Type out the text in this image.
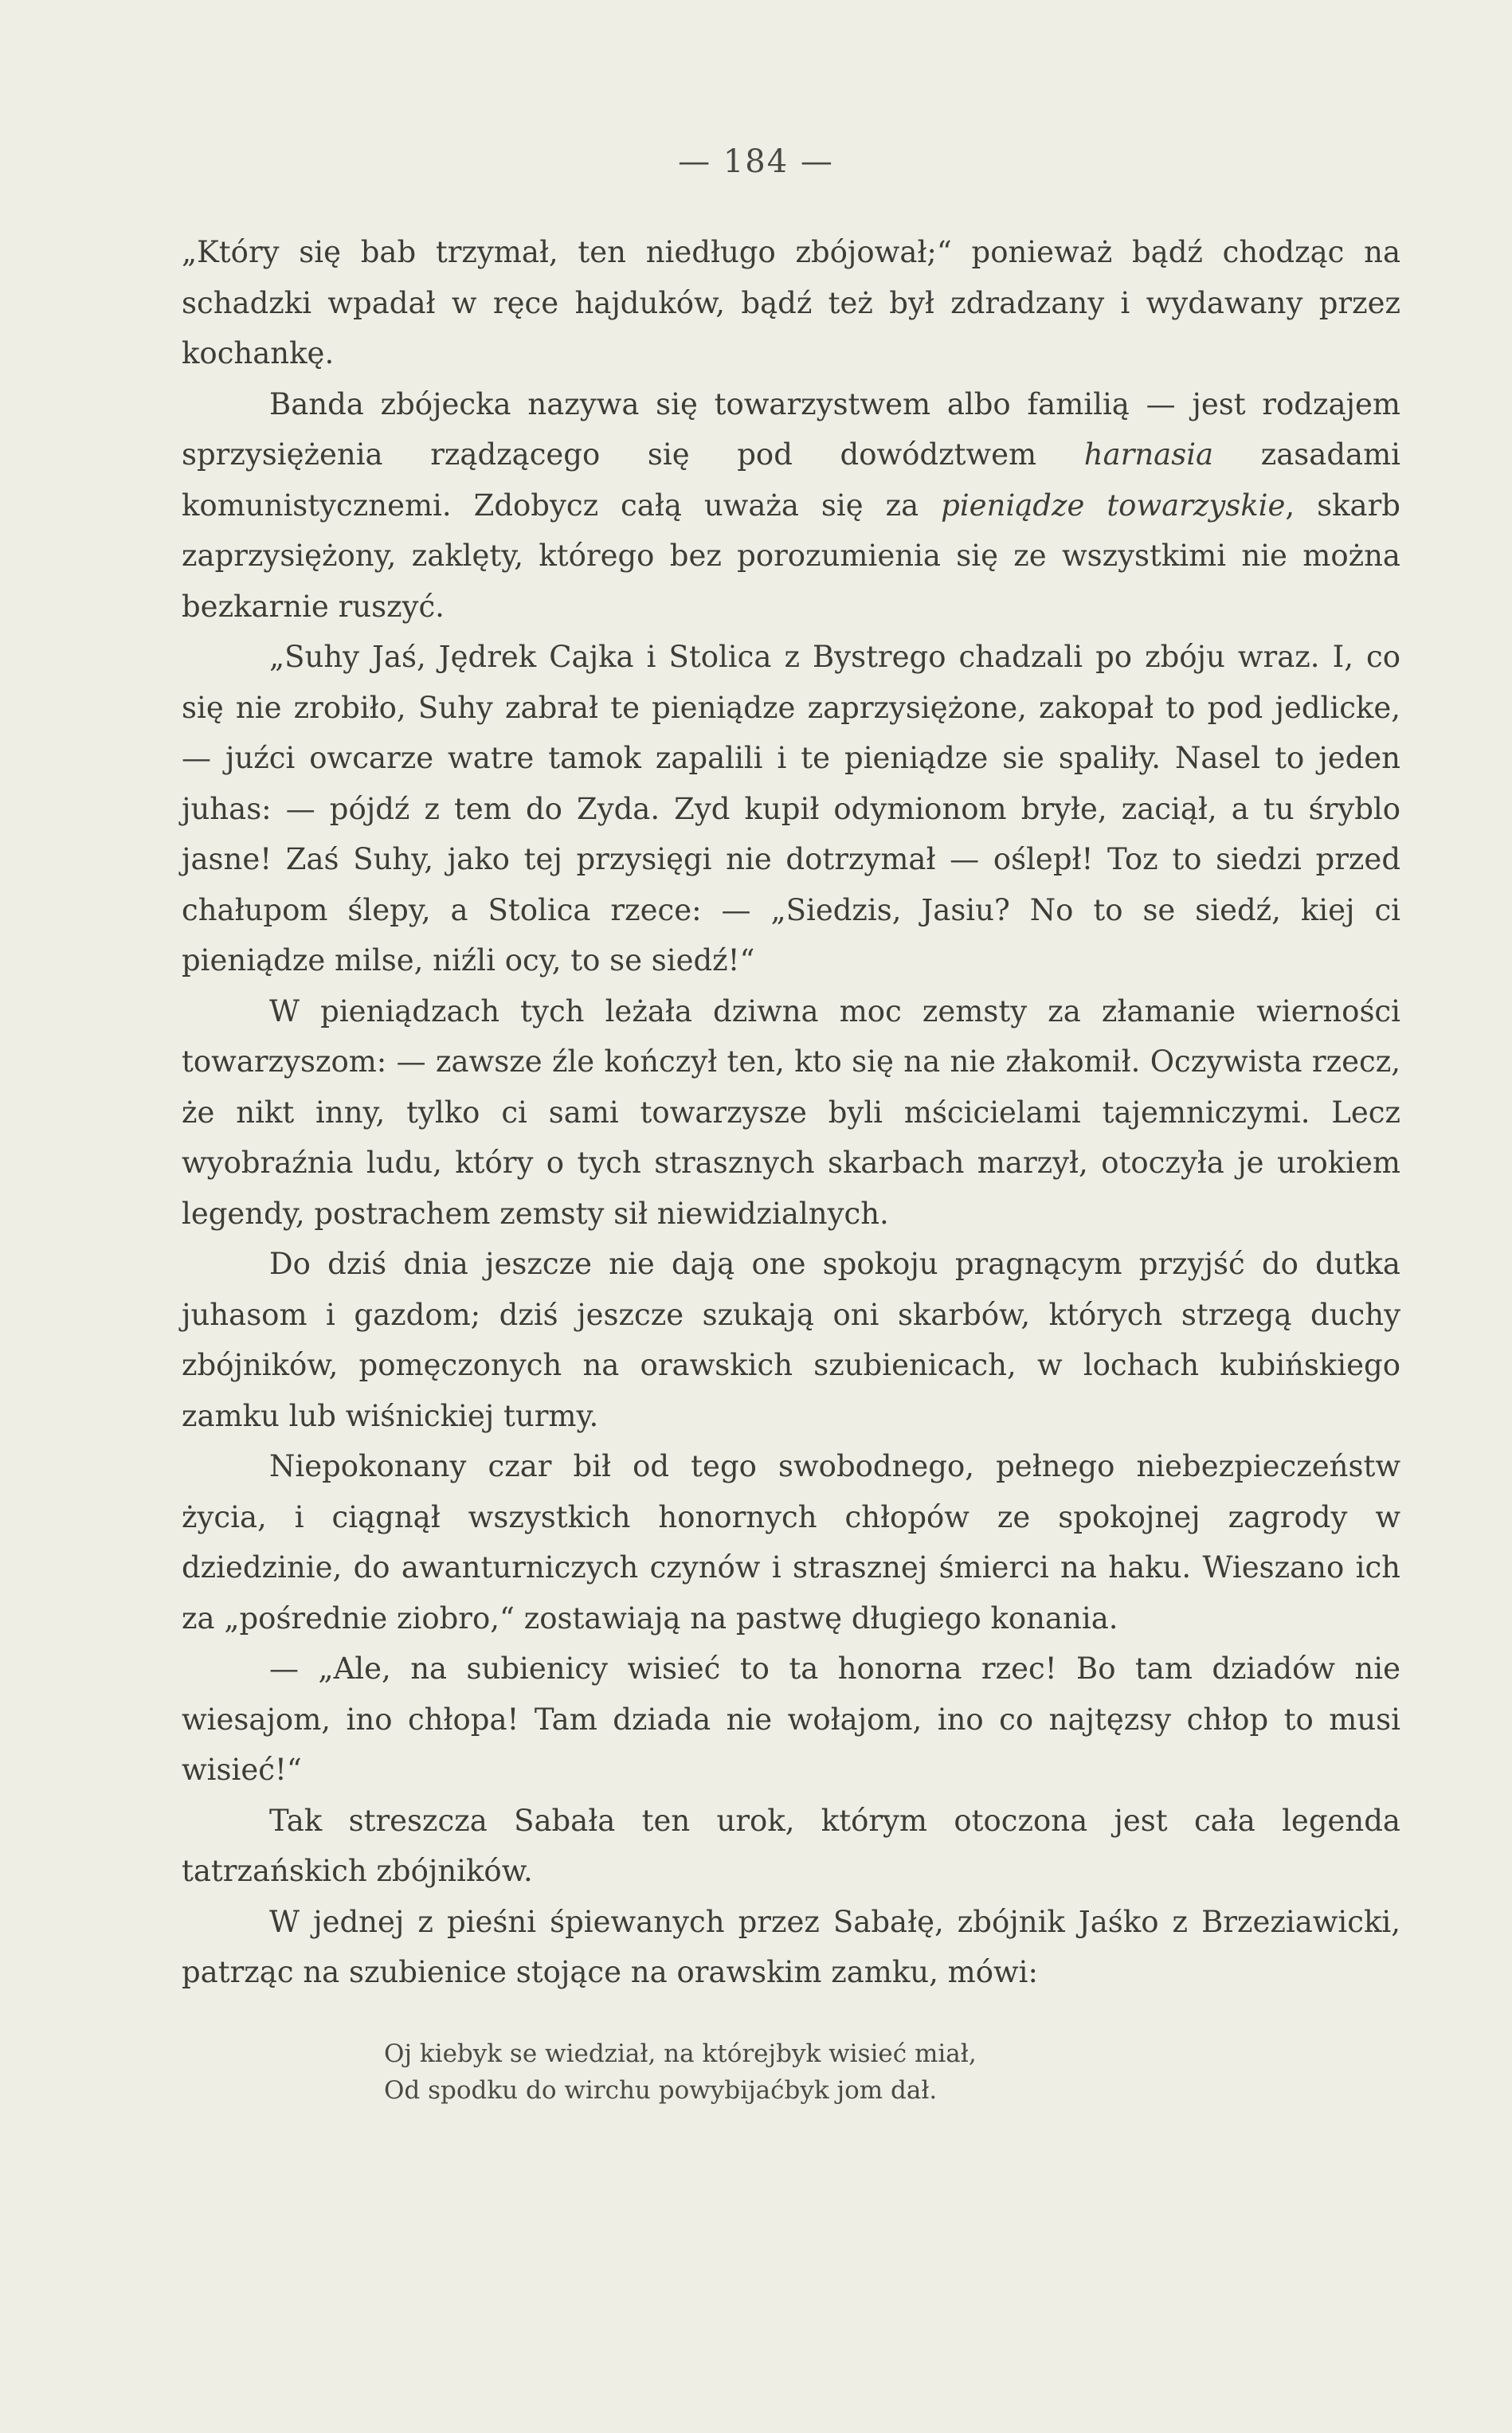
— 184 —

„Który się bab trzymał, ten niedługo zbójował;“ ponieważ bądź chodząc na schadzki wpadał w ręce hajduków, bądź też był zdradzany i wydawany przez kochankę.

Banda zbójecka nazywa się towarzystwem albo familią — jest rodzajem sprzysiężenia rządzącego się pod dowództwem harnasia zasadami komunistycznemi. Zdobycz całą uważa się za pieniądze towarzyskie, skarb zaprzysiężony, zaklęty, którego bez porozumienia się ze wszystkimi nie można bezkarnie ruszyć.

„Suhy Jaś, Jędrek Cajka i Stolica z Bystrego chadzali po zbóju wraz. I, co się nie zrobiło, Suhy zabrał te pieniądze zaprzysiężone, zakopał to pod jedlicke, — juźci owcarze watre tamok zapalili i te pieniądze sie spaliły. Nasel to jeden juhas: — pójdź z tem do Zyda. Zyd kupił odymionom bryłe, zaciął, a tu śryblo jasne! Zaś Suhy, jako tej przysięgi nie dotrzymał — oślepł! Toz to siedzi przed chałupom ślepy, a Stolica rzece: — „Siedzis, Jasiu? No to se siedź, kiej ci pieniądze milse, niźli ocy, to se siedź!“

W pieniądzach tych leżała dziwna moc zemsty za złamanie wierności towarzyszom: — zawsze źle kończył ten, kto się na nie złakomił. Oczywista rzecz, że nikt inny, tylko ci sami towarzysze byli mścicielami tajemniczymi. Lecz wyobraźnia ludu, który o tych strasznych skarbach marzył, otoczyła je urokiem legendy, postrachem zemsty sił niewidzialnych.

Do dziś dnia jeszcze nie dają one spokoju pragnącym przyjść do dutka juhasom i gazdom; dziś jeszcze szukają oni skarbów, których strzegą duchy zbójników, pomęczonych na orawskich szubienicach, w lochach kubińskiego zamku lub wiśnickiej turmy.

Niepokonany czar bił od tego swobodnego, pełnego niebezpieczeństw życia, i ciągnął wszystkich honornych chłopów ze spokojnej zagrody w dziedzinie, do awanturniczych czynów i strasznej śmierci na haku. Wieszano ich za „pośrednie ziobro,“ zostawiają na pastwę długiego konania.

— „Ale, na subienicy wisieć to ta honorna rzec! Bo tam dziadów nie wiesajom, ino chłopa! Tam dziada nie wołajom, ino co najtęzsy chłop to musi wisieć!“

Tak streszcza Sabała ten urok, którym otoczona jest cała legenda tatrzańskich zbójników.

W jednej z pieśni śpiewanych przez Sabałę, zbójnik Jaśko z Brzeziawicki, patrząc na szubienice stojące na orawskim zamku, mówi:

Oj kiebyk se wiedział, na którejbyk wisieć miał,
Od spodku do wirchu powybijaćbyk jom dał.
